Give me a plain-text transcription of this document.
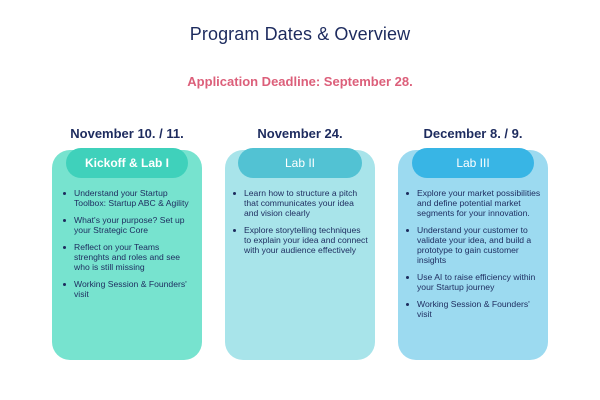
Program Dates & Overview
Application Deadline: September 28.
November 10. / 11.
Kickoff & Lab I
Understand your Startup Toolbox: Startup ABC & Agility
What's your purpose? Set up your Strategic Core
Reflect on your Teams strenghts and roles and see who is still missing
Working Session & Founders' visit
November 24.
Lab II
Learn how to structure a pitch that communicates your idea and vision clearly
Explore storytelling techniques to explain your idea and connect with your audience effectively
December 8. / 9.
Lab III
Explore your market possibilities and define potential market segments for your innovation.
Understand your customer to validate your idea, and build a prototype to gain customer insights
Use AI to raise efficiency within your Startup journey
Working Session & Founders' visit
